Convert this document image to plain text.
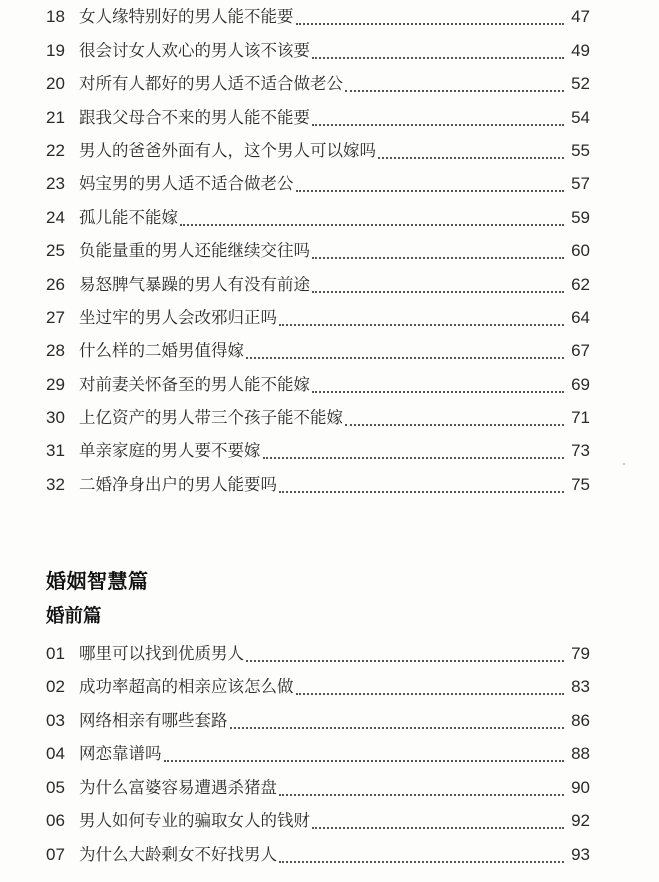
18 女人缘特别好的男人能不能要	47
19 很会讨女人欢心的男人该不该要	49
20 对所有人都好的男人适不适合做老公	52
21 跟我父母合不来的男人能不能要	54
22 男人的爸爸外面有人，这个男人可以嫁吗	55
23 妈宝男的男人适不适合做老公	57
24 孤儿能不能嫁	59
25 负能量重的男人还能继续交往吗	60
26 易怒脾气暴躁的男人有没有前途	62
27 坐过牢的男人会改邪归正吗	64
28 什么样的二婚男值得嫁	67
29 对前妻关怀备至的男人能不能嫁	69
30 上亿资产的男人带三个孩子能不能嫁	71
31 单亲家庭的男人要不要嫁	73
32 二婚净身出户的男人能要吗	75
婚姻智慧篇
婚前篇
01 哪里可以找到优质男人	79
02 成功率超高的相亲应该怎么做	83
03 网络相亲有哪些套路	86
04 网恋靠谱吗	88
05 为什么富婆容易遭遇杀猪盘	90
06 男人如何专业的骗取女人的钱财	92
07 为什么大龄剩女不好找男人	93
